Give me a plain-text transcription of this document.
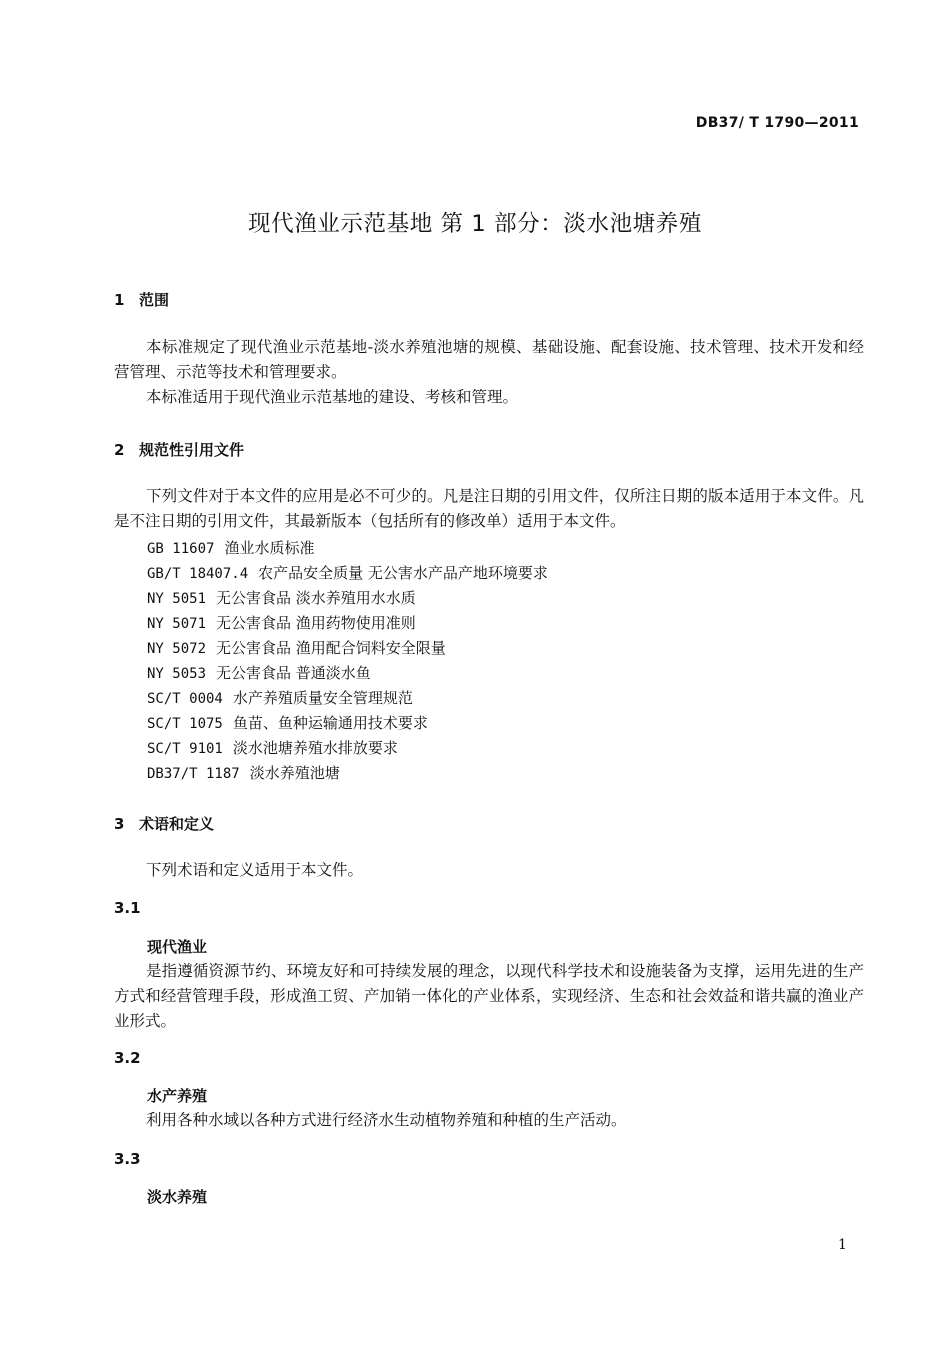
DB37/ T 1790—2011
现代渔业示范基地 第 1 部分：淡水池塘养殖
1 范围
本标准规定了现代渔业示范基地-淡水养殖池塘的规模、基础设施、配套设施、技术管理、技术开发和经营管理、示范等技术和管理要求。
本标准适用于现代渔业示范基地的建设、考核和管理。
2 规范性引用文件
下列文件对于本文件的应用是必不可少的。凡是注日期的引用文件，仅所注日期的版本适用于本文件。凡是不注日期的引用文件，其最新版本（包括所有的修改单）适用于本文件。
GB 11607 渔业水质标准
GB/T 18407.4 农产品安全质量 无公害水产品产地环境要求
NY 5051 无公害食品 淡水养殖用水水质
NY 5071 无公害食品 渔用药物使用准则
NY 5072 无公害食品 渔用配合饲料安全限量
NY 5053 无公害食品 普通淡水鱼
SC/T 0004 水产养殖质量安全管理规范
SC/T 1075 鱼苗、鱼种运输通用技术要求
SC/T 9101 淡水池塘养殖水排放要求
DB37/T 1187 淡水养殖池塘
3 术语和定义
下列术语和定义适用于本文件。
3.1
现代渔业
是指遵循资源节约、环境友好和可持续发展的理念，以现代科学技术和设施装备为支撑，运用先进的生产方式和经营管理手段，形成渔工贸、产加销一体化的产业体系，实现经济、生态和社会效益和谐共赢的渔业产业形式。
3.2
水产养殖
利用各种水域以各种方式进行经济水生动植物养殖和种植的生产活动。
3.3
淡水养殖
1
